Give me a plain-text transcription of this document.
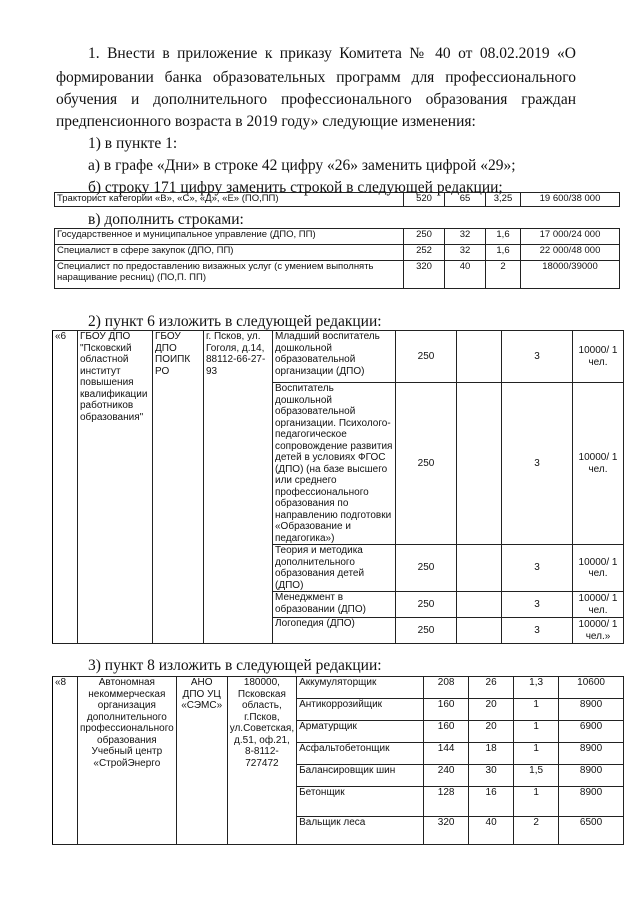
1. Внести в приложение к приказу Комитета № 40 от 08.02.2019 «О
формировании банка образовательных программ для профессионального
обучения и дополнительного профессионального образования граждан
предпенсионного возраста в 2019 году» следующие изменения:
1) в пункте 1:
а) в графе «Дни» в строке 42 цифру «26» заменить цифрой «29»;
б) строку 171 цифру заменить строкой в следующей редакции;
Тракторист категории «В», «С», «Д», «Е» (ПО,ПП)	520	65	3,25	19 600/38 000
в) дополнить строками:
Государственное и муниципальное управление (ДПО, ПП)	250	32	1,6	17 000/24 000
Специалист в сфере закупок (ДПО, ПП)	252	32	1,6	22 000/48 000
Специалист по предоставлению визажных услуг (с умением выполнять наращивание ресниц) (ПО,П. ПП)	320	40	2	18000/39000
2) пункт 6 изложить в следующей редакции:
«6	ГБОУ ДПО "Псковский областной институт повышения квалификации работников образования"	ГБОУ ДПО ПОИПК РО	г. Псков, ул. Гоголя, д.14, 88112-66-27-93	Младший воспитатель дошкольной образовательной организации (ДПО)	250		3	10000/ 1 чел.
				Воспитатель дошкольной образовательной организации. Психолого-педагогическое сопровождение развития детей в условиях ФГОС (ДПО) (на базе высшего или среднего профессионального образования по направлению подготовки «Образование и педагогика»)	250		3	10000/ 1 чел.
				Теория и методика дополнительного образования детей (ДПО)	250		3	10000/ 1 чел.
				Менеджмент в образовании (ДПО)	250		3	10000/ 1 чел.
				Логопедия (ДПО)	250		3	10000/ 1 чел.»
3) пункт 8 изложить в следующей редакции:
«8	Автономная некоммерческая организация дополнительного профессионального образования Учебный центр «СтройЭнерго	АНО ДПО УЦ «СЭМС»	180000, Псковская область, г.Псков, ул.Советская, д.51, оф.21, 8-8112-727472	Аккумуляторщик	208	26	1,3	10600
				Антикоррозийщик	160	20	1	8900
				Арматурщик	160	20	1	6900
				Асфальтобетонщик	144	18	1	8900
				Балансировщик шин	240	30	1,5	8900
				Бетонщик	128	16	1	8900
				Вальщик леса	320	40	2	6500
